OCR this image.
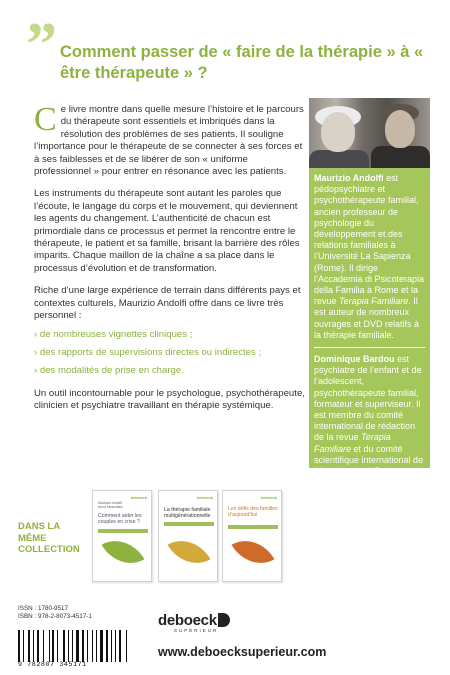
” Comment passer de « faire de la thérapie » à « être thérapeute » ?

Ce livre montre dans quelle mesure l’histoire et le parcours du thérapeute sont essentiels et imbriqués dans la résolution des problèmes de ses patients. Il souligne l’importance pour le thérapeute de se connecter à ses forces et à ses faiblesses et de se libérer de son « uniforme professionnel » pour entrer en résonance avec les patients.

Les instruments du thérapeute sont autant les paroles que l’écoute, le langage du corps et le mouvement, qui deviennent les agents du changement. L’authenticité de chacun est primordiale dans ce processus et permet la rencontre entre le thérapeute, le patient et sa famille, brisant la barrière des rôles imparits. Chaque maillon de la chaîne a sa place dans le processus d’évolution et de transformation.

Riche d’une large expérience de terrain dans différents pays et contextes culturels, Maurizio Andolfi offre dans ce livre très personnel :

› de nombreuses vignettes cliniques ;
› des rapports de supervisions directes ou indirectes ;
› des modalités de prise en charge.

Un outil incontournable pour le psychologue, psychothérapeute, clinicien et psychiatre travaillant en thérapie systémique.

Maurizio Andolfi est pédopsychiatre et psychothérapeute familial, ancien professeur de psychologie du développement et des relations familiales à l’Université La Sapienza (Rome). Il dirige l’Accademia di Psicoterapia della Familia à Rome et la revue Terapia Familiare. Il est auteur de nombreux ouvrages et DVD relatifs à la thérapie familiale.

Dominique Bardou est psychiatre de l’enfant et de l’adolescent, psychothérapeute familial, formateur et superviseur. Il est membre du comité international de rédaction de la revue Terapia Familiare et du comité scientifique international de l’Accademia di Psicoterapia della Famiglia. Il a collaboré à l’élaboration des collections Family Therapy Masters Series et The Andolfi Lectures de l’Accademia Multimedia Library.

DANS LA MÊME COLLECTION
deboeck
Maurizio Andolfi
Anna Mascellani
Comment aider les couples en crise ?
deboeck
La thérapie familiale multigénérationnelle
deboeck
Les défis des familles d’aujourd’hui
ISSN : 1780-9517
ISBN : 978-2-8073-4517-1
9 782807 345171
deboeck
SUPÉRIEUR
www.deboecksuperieur.com
